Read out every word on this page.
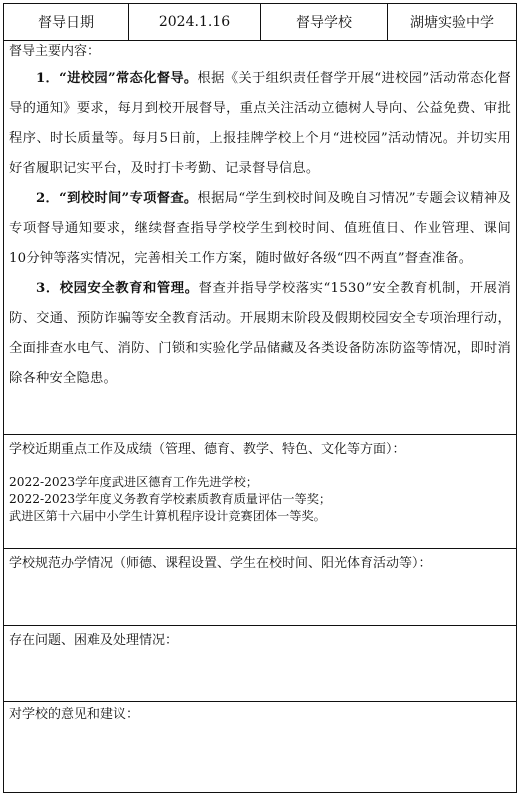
督导日期	2024.1.16	督导学校	湖塘实验中学
督导主要内容：

1．“进校园”常态化督导。根据《关于组织责任督学开展“进校园”活动常态化督导的通知》要求，每月到校开展督导，重点关注活动立德树人导向、公益免费、审批程序、时长质量等。每月5日前，上报挂牌学校上个月“进校园”活动情况。并切实用好省履职记实平台，及时打卡考勤、记录督导信息。

2．“到校时间”专项督查。根据局“学生到校时间及晚自习情况”专题会议精神及专项督导通知要求，继续督查指导学校学生到校时间、值班值日、作业管理、课间10分钟等落实情况，完善相关工作方案，随时做好各级“四不两直”督查准备。

3．校园安全教育和管理。督查并指导学校落实“1530”安全教育机制，开展消防、交通、预防诈骗等安全教育活动。开展期末阶段及假期校园安全专项治理行动，全面排查水电气、消防、门锁和实验化学品储藏及各类设备防冻防盗等情况，即时消除各种安全隐患。

学校近期重点工作及成绩（管理、德育、教学、特色、文化等方面）：

2022-2023学年度武进区德育工作先进学校；

2022-2023学年度义务教育学校素质教育质量评估一等奖；

武进区第十六届中小学生计算机程序设计竞赛团体一等奖。

学校规范办学情况（师德、课程设置、学生在校时间、阳光体育活动等）：
存在问题、困难及处理情况：
对学校的意见和建议：
